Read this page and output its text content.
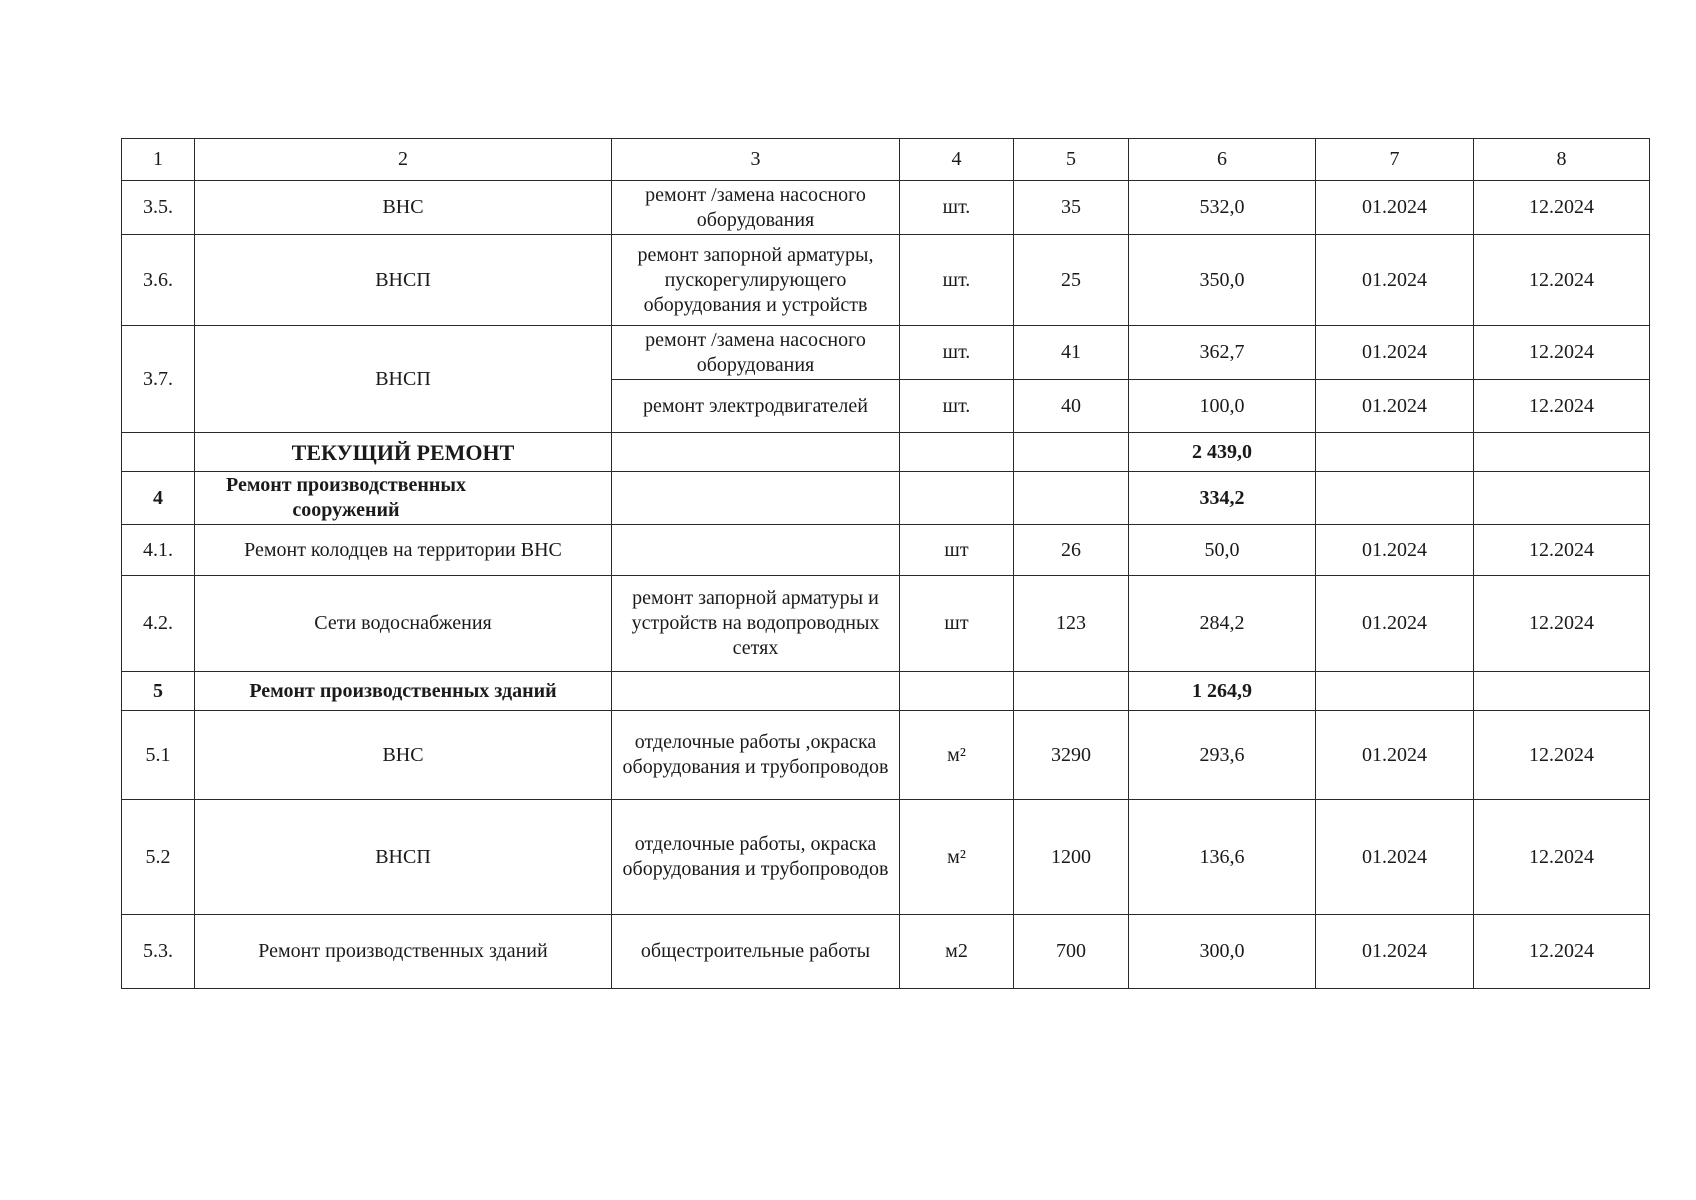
1	2	3	4	5	6	7	8
3.5.	ВНС	ремонт /замена насосного оборудования	шт.	35	532,0	01.2024	12.2024
3.6.	ВНСП	ремонт запорной арматуры, пускорегулирующего оборудования и устройств	шт.	25	350,0	01.2024	12.2024
3.7.	ВНСП	ремонт /замена насосного оборудования	шт.	41	362,7	01.2024	12.2024
		ремонт электродвигателей	шт.	40	100,0	01.2024	12.2024
	ТЕКУЩИЙ РЕМОНТ				2 439,0		
4	Ремонт производственных сооружений				334,2		
4.1.	Ремонт колодцев на территории ВНС		шт	26	50,0	01.2024	12.2024
4.2.	Сети водоснабжения	ремонт запорной арматуры и устройств на водопроводных сетях	шт	123	284,2	01.2024	12.2024
5	Ремонт производственных зданий				1 264,9		
5.1	ВНС	отделочные работы ,окраска оборудования и трубопроводов	м²	3290	293,6	01.2024	12.2024
5.2	ВНСП	отделочные работы, окраска оборудования и трубопроводов	м²	1200	136,6	01.2024	12.2024
5.3.	Ремонт производственных зданий	общестроительные работы	м2	700	300,0	01.2024	12.2024
